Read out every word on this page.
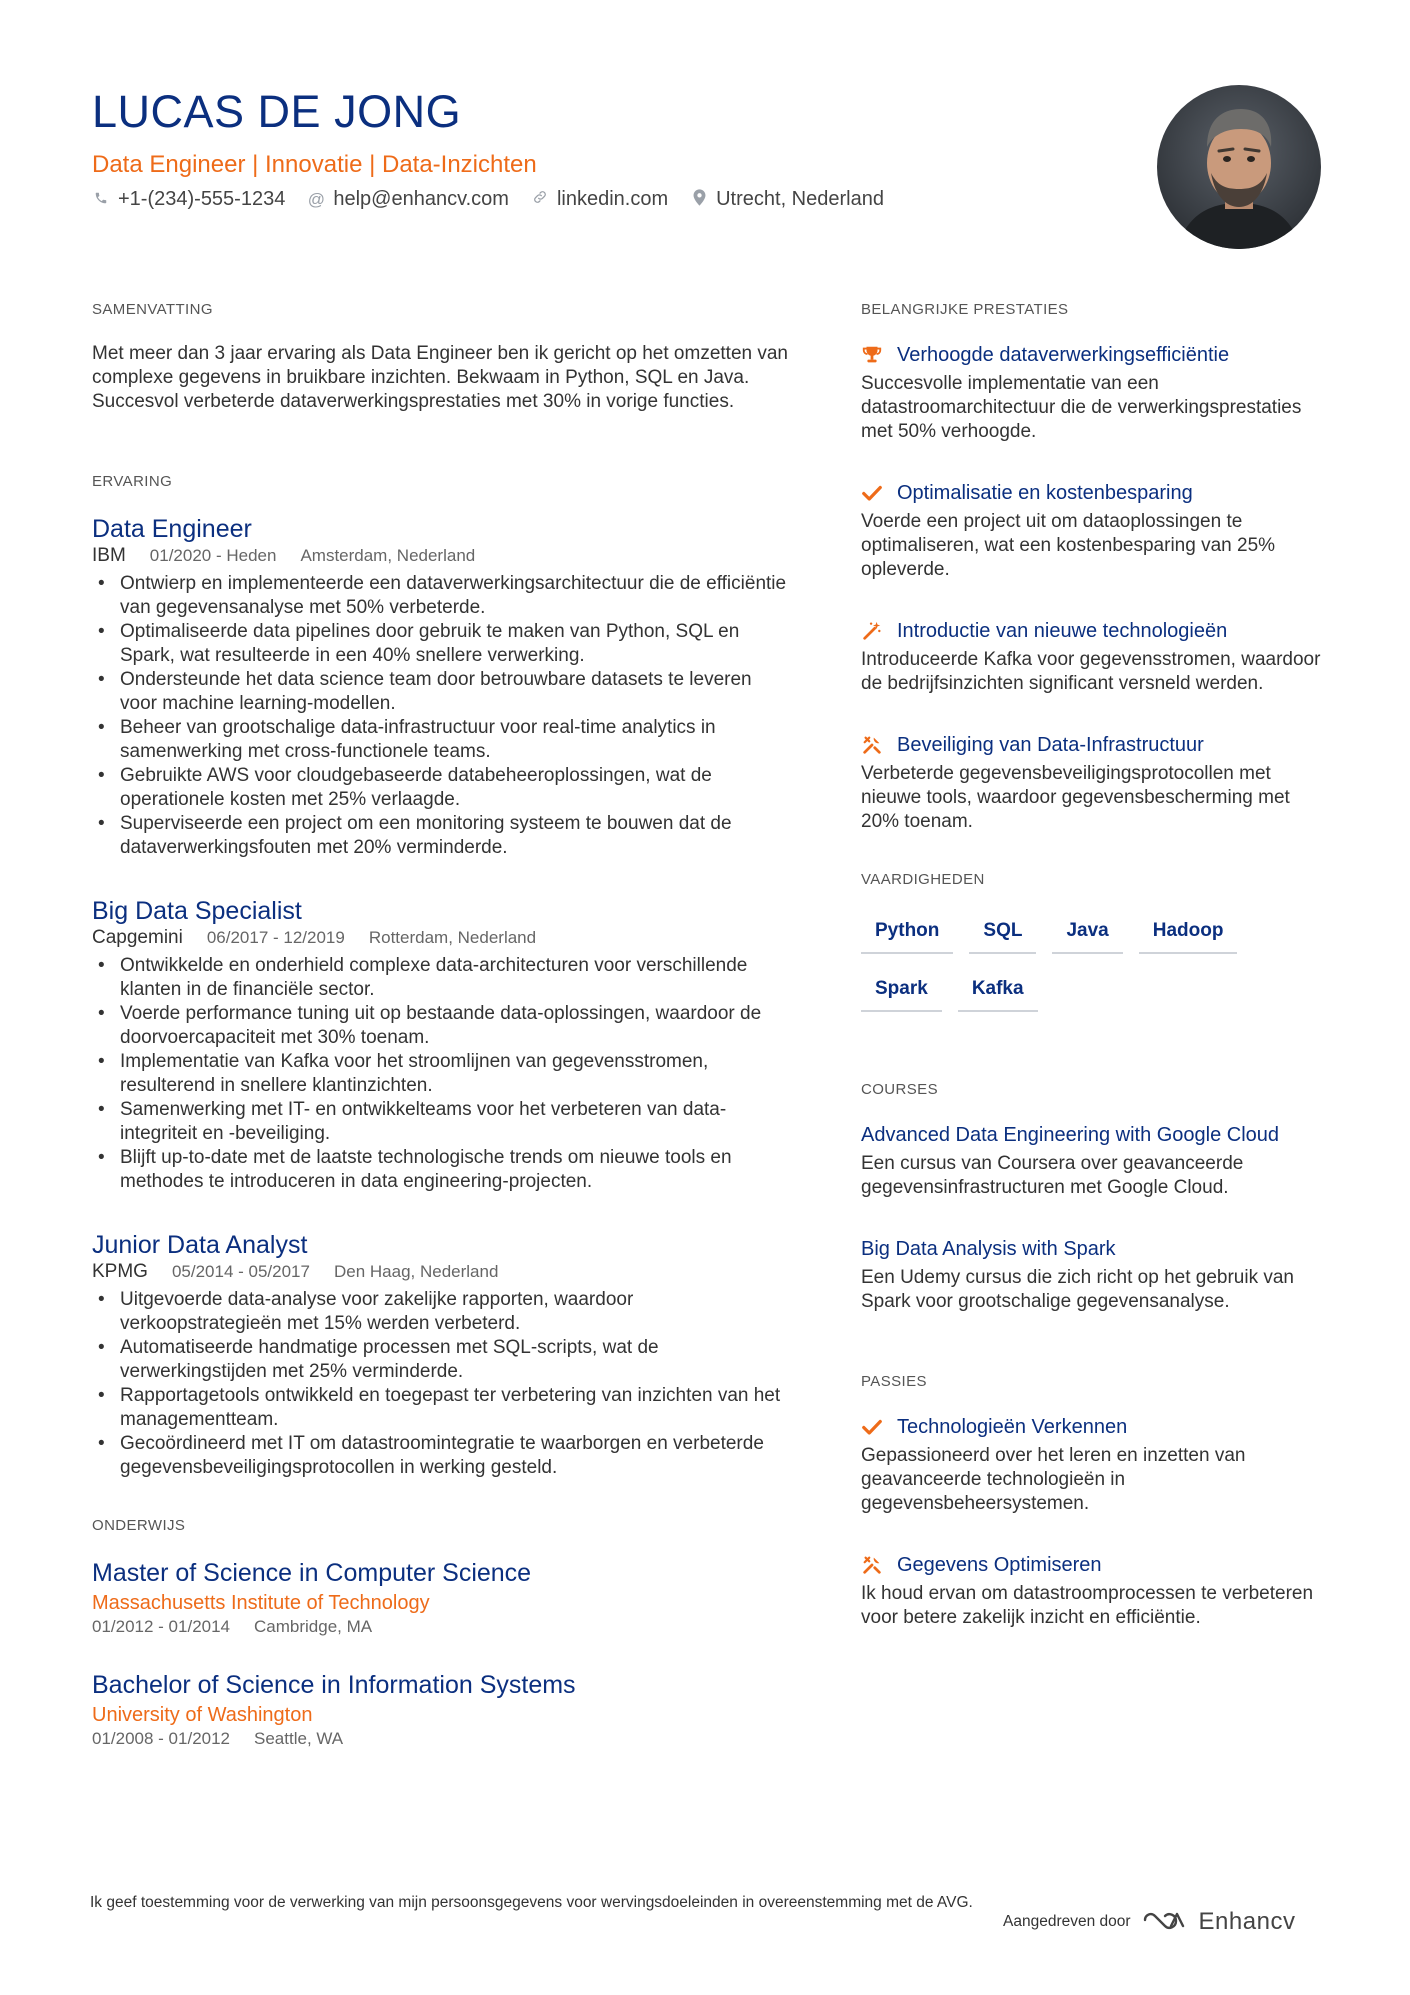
LUCAS DE JONG
Data Engineer | Innovatie | Data-Inzichten
+1-(234)-555-1234 @ help@enhancv.com linkedin.com Utrecht, Nederland
SAMENVATTING
Met meer dan 3 jaar ervaring als Data Engineer ben ik gericht op het omzetten van complexe gegevens in bruikbare inzichten. Bekwaam in Python, SQL en Java. Succesvol verbeterde dataverwerkingsprestaties met 30% in vorige functies.
ERVARING
Data Engineer
IBM 01/2020 - Heden Amsterdam, Nederland
• Ontwierp en implementeerde een dataverwerkingsarchitectuur die de efficiëntie van gegevensanalyse met 50% verbeterde.
• Optimaliseerde data pipelines door gebruik te maken van Python, SQL en Spark, wat resulteerde in een 40% snellere verwerking.
• Ondersteunde het data science team door betrouwbare datasets te leveren voor machine learning-modellen.
• Beheer van grootschalige data-infrastructuur voor real-time analytics in samenwerking met cross-functionele teams.
• Gebruikte AWS voor cloudgebaseerde databeheeroplossingen, wat de operationele kosten met 25% verlaagde.
• Superviseerde een project om een monitoring systeem te bouwen dat de dataverwerkingsfouten met 20% verminderde.
Big Data Specialist
Capgemini 06/2017 - 12/2019 Rotterdam, Nederland
• Ontwikkelde en onderhield complexe data-architecturen voor verschillende klanten in de financiële sector.
• Voerde performance tuning uit op bestaande data-oplossingen, waardoor de doorvoercapaciteit met 30% toenam.
• Implementatie van Kafka voor het stroomlijnen van gegevensstromen, resulterend in snellere klantinzichten.
• Samenwerking met IT- en ontwikkelteams voor het verbeteren van data-integriteit en -beveiliging.
• Blijft up-to-date met de laatste technologische trends om nieuwe tools en methodes te introduceren in data engineering-projecten.
Junior Data Analyst
KPMG 05/2014 - 05/2017 Den Haag, Nederland
• Uitgevoerde data-analyse voor zakelijke rapporten, waardoor verkoopstrategieën met 15% werden verbeterd.
• Automatiseerde handmatige processen met SQL-scripts, wat de verwerkingstijden met 25% verminderde.
• Rapportagetools ontwikkeld en toegepast ter verbetering van inzichten van het managementteam.
• Gecoördineerd met IT om datastroomintegratie te waarborgen en verbeterde gegevensbeveiligingsprotocollen in werking gesteld.
ONDERWIJS
Master of Science in Computer Science
Massachusetts Institute of Technology
01/2012 - 01/2014 Cambridge, MA
Bachelor of Science in Information Systems
University of Washington
01/2008 - 01/2012 Seattle, WA
BELANGRIJKE PRESTATIES
Verhoogde dataverwerkingsefficiëntie
Succesvolle implementatie van een datastroomarchitectuur die de verwerkingsprestaties met 50% verhoogde.
Optimalisatie en kostenbesparing
Voerde een project uit om dataoplossingen te optimaliseren, wat een kostenbesparing van 25% opleverde.
Introductie van nieuwe technologieën
Introduceerde Kafka voor gegevensstromen, waardoor de bedrijfsinzichten significant versneld werden.
Beveiliging van Data-Infrastructuur
Verbeterde gegevensbeveiligingsprotocollen met nieuwe tools, waardoor gegevensbescherming met 20% toenam.
VAARDIGHEDEN
Python	SQL	Java	Hadoop
Spark	Kafka
COURSES
Advanced Data Engineering with Google Cloud
Een cursus van Coursera over geavanceerde gegevensinfrastructuren met Google Cloud.
Big Data Analysis with Spark
Een Udemy cursus die zich richt op het gebruik van Spark voor grootschalige gegevensanalyse.
PASSIES
Technologieën Verkennen
Gepassioneerd over het leren en inzetten van geavanceerde technologieën in gegevensbeheersystemen.
Gegevens Optimiseren
Ik houd ervan om datastroomprocessen te verbeteren voor betere zakelijk inzicht en efficiëntie.
Ik geef toestemming voor de verwerking van mijn persoonsgegevens voor wervingsdoeleinden in overeenstemming met de AVG.
Aangedreven door	Enhancv
